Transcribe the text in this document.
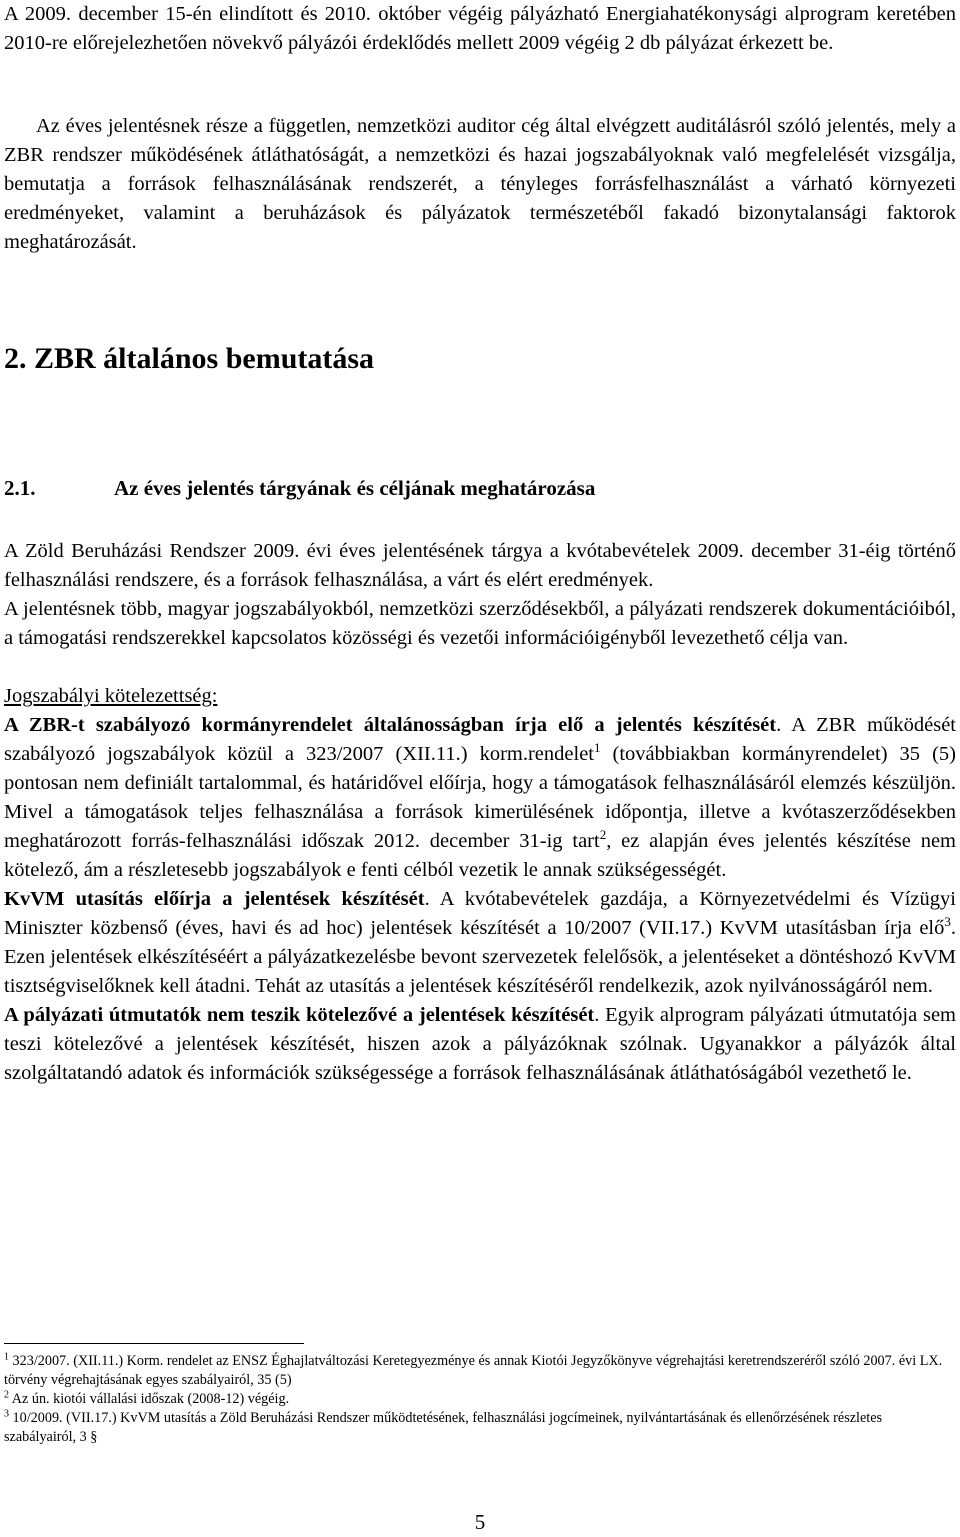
A 2009. december 15-én elindított és 2010. október végéig pályázható Energiahatékonysági alprogram keretében 2010-re előrejelezhetően növekvő pályázói érdeklődés mellett 2009 végéig 2 db pályázat érkezett be.

Az éves jelentésnek része a független, nemzetközi auditor cég által elvégzett auditálásról szóló jelentés, mely a ZBR rendszer működésének átláthatóságát, a nemzetközi és hazai jogszabályoknak való megfelelését vizsgálja, bemutatja a források felhasználásának rendszerét, a tényleges forrásfelhasználást a várható környezeti eredményeket, valamint a beruházások és pályázatok természetéből fakadó bizonytalansági faktorok meghatározását.

2. ZBR általános bemutatása
2.1.	Az éves jelentés tárgyának és céljának meghatározása

A Zöld Beruházási Rendszer 2009. évi éves jelentésének tárgya a kvótabevételek 2009. december 31-éig történő felhasználási rendszere, és a források felhasználása, a várt és elért eredmények.

A jelentésnek több, magyar jogszabályokból, nemzetközi szerződésekből, a pályázati rendszerek dokumentációiból, a támogatási rendszerekkel kapcsolatos közösségi és vezetői információigényből levezethető célja van.

Jogszabályi kötelezettség:

A ZBR-t szabályozó kormányrendelet általánosságban írja elő a jelentés készítését. A ZBR működését szabályozó jogszabályok közül a 323/2007 (XII.11.) korm.rendelet$^1$ (továbbiakban kormányrendelet) 35 (5) pontosan nem definiált tartalommal, és határidővel előírja, hogy a támogatások felhasználásáról elemzés készüljön. Mivel a támogatások teljes felhasználása a források kimerülésének időpontja, illetve a kvótaszerződésekben meghatározott forrás-felhasználási időszak 2012. december 31-ig tart$^2$, ez alapján éves jelentés készítése nem kötelező, ám a részletesebb jogszabályok e fenti célból vezetik le annak szükségességét.

KvVM utasítás előírja a jelentések készítését. A kvótabevételek gazdája, a Környezetvédelmi és Vízügyi Miniszter közbenső (éves, havi és ad hoc) jelentések készítését a 10/2007 (VII.17.) KvVM utasításban írja elő$^3$. Ezen jelentések elkészítéséért a pályázatkezelésbe bevont szervezetek felelősök, a jelentéseket a döntéshozó KvVM tisztségviselőknek kell átadni. Tehát az utasítás a jelentések készítéséről rendelkezik, azok nyilvánosságáról nem.

A pályázati útmutatók nem teszik kötelezővé a jelentések készítését. Egyik alprogram pályázati útmutatója sem teszi kötelezővé a jelentések készítését, hiszen azok a pályázóknak szólnak. Ugyanakkor a pályázók által szolgáltatandó adatok és információk szükségessége a források felhasználásának átláthatóságából vezethető le.

$^1$ 323/2007. (XII.11.) Korm. rendelet az ENSZ Éghajlatváltozási Keretegyezménye és annak Kiotói Jegyzőkönyve végrehajtási keretrendszeréről szóló 2007. évi LX. törvény végrehajtásának egyes szabályairól, 35 (5)

$^2$ Az ún. kiotói vállalási időszak (2008-12) végéig.

$^3$ 10/2009. (VII.17.) KvVM utasítás a Zöld Beruházási Rendszer működtetésének, felhasználási jogcímeinek, nyilvántartásának és ellenőrzésének részletes szabályairól, 3 §

5
